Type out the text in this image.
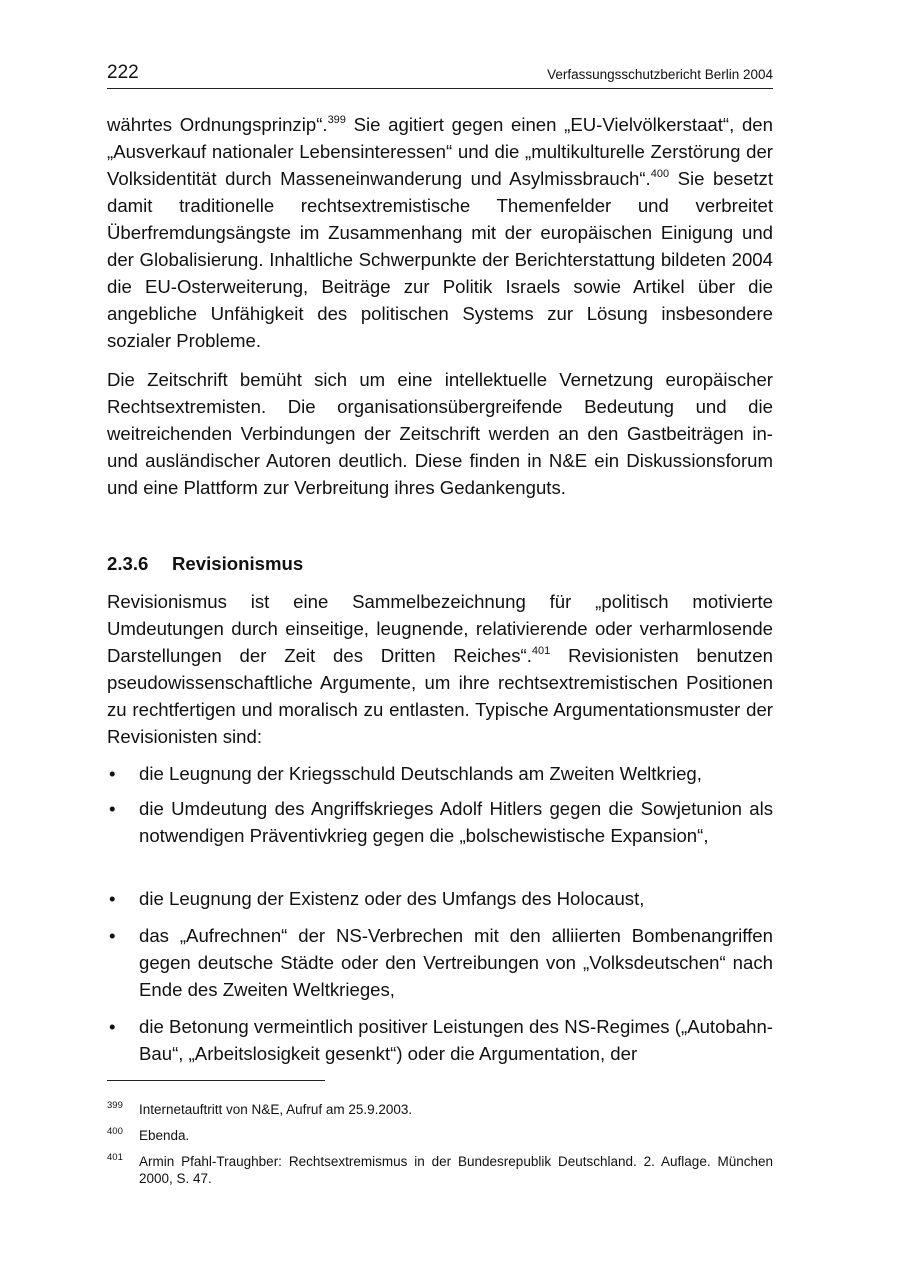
222	Verfassungsschutzbericht Berlin 2004

währtes Ordnungsprinzip“.$^{399}$ Sie agitiert gegen einen „EU-Vielvölkerstaat“, den „Ausverkauf nationaler Lebensinteressen“ und die „multikulturelle Zerstörung der Volksidentität durch Masseneinwanderung und Asylmissbrauch“.$^{400}$ Sie besetzt damit traditionelle rechtsextremistische Themenfelder und verbreitet Überfremdungsängste im Zusammenhang mit der europäischen Einigung und der Globalisierung. Inhaltliche Schwerpunkte der Berichterstattung bildeten 2004 die EU-Osterweiterung, Beiträge zur Politik Israels sowie Artikel über die angebliche Unfähigkeit des politischen Systems zur Lösung insbesondere sozialer Probleme.

Die Zeitschrift bemüht sich um eine intellektuelle Vernetzung europäischer Rechtsextremisten. Die organisationsübergreifende Bedeutung und die weitreichenden Verbindungen der Zeitschrift werden an den Gastbeiträgen in- und ausländischer Autoren deutlich. Diese finden in N&E ein Diskussionsforum und eine Plattform zur Verbreitung ihres Gedankenguts.

2.3.6 Revisionismus

Revisionismus ist eine Sammelbezeichnung für „politisch motivierte Umdeutungen durch einseitige, leugnende, relativierende oder verharmlosende Darstellungen der Zeit des Dritten Reiches“.$^{401}$ Revisionisten benutzen pseudowissenschaftliche Argumente, um ihre rechtsextremistischen Positionen zu rechtfertigen und moralisch zu entlasten. Typische Argumentationsmuster der Revisionisten sind:

•	die Leugnung der Kriegsschuld Deutschlands am Zweiten Weltkrieg,
•	die Umdeutung des Angriffskrieges Adolf Hitlers gegen die Sowjetunion als notwendigen Präventivkrieg gegen die „bolschewistische Expansion“,
•	die Leugnung der Existenz oder des Umfangs des Holocaust,
•	das „Aufrechnen“ der NS-Verbrechen mit den alliierten Bombenangriffen gegen deutsche Städte oder den Vertreibungen von „Volksdeutschen“ nach Ende des Zweiten Weltkrieges,
•	die Betonung vermeintlich positiver Leistungen des NS-Regimes („Autobahn-Bau“, „Arbeitslosigkeit gesenkt“) oder die Argumentation, der
399 Internetauftritt von N&E, Aufruf am 25.9.2003.
400 Ebenda.
401 Armin Pfahl-Traughber: Rechtsextremismus in der Bundesrepublik Deutschland. 2. Auflage. München 2000, S. 47.
